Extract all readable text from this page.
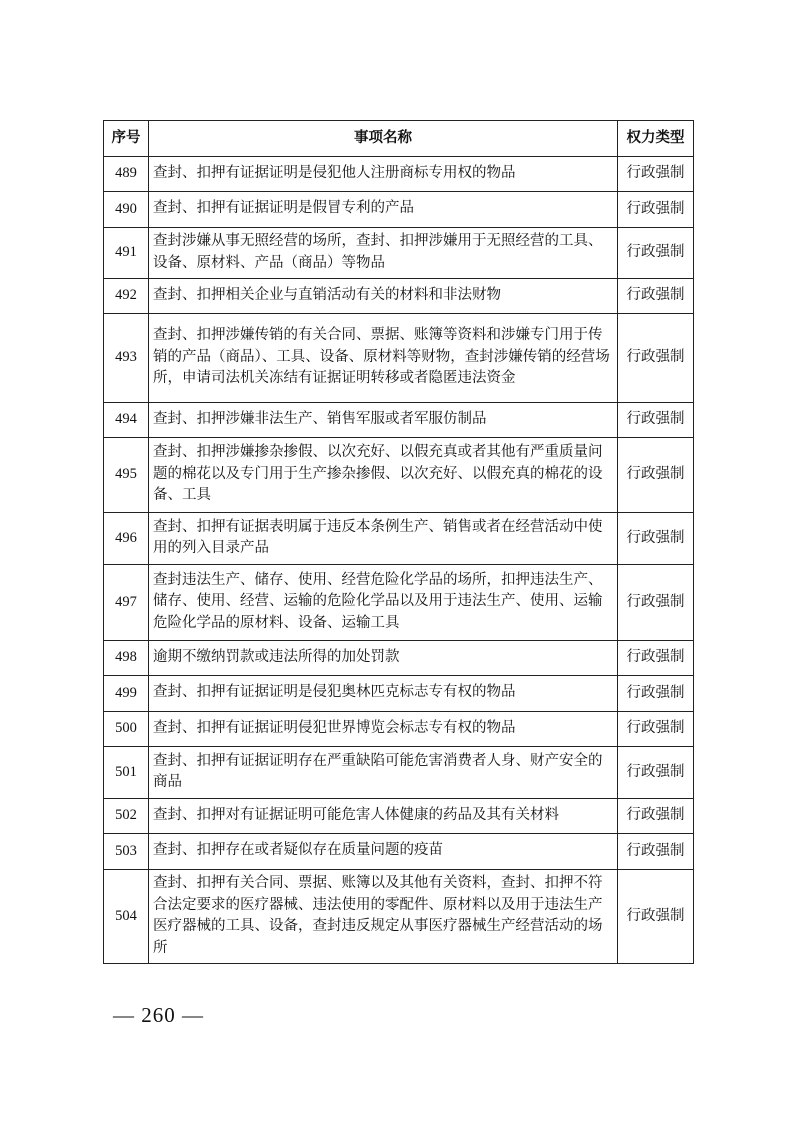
序号	事项名称	权力类型
489	查封、扣押有证据证明是侵犯他人注册商标专用权的物品	行政强制
490	查封、扣押有证据证明是假冒专利的产品	行政强制
491	查封涉嫌从事无照经营的场所，查封、扣押涉嫌用于无照经营的工具、设备、原材料、产品（商品）等物品	行政强制
492	查封、扣押相关企业与直销活动有关的材料和非法财物	行政强制
493	查封、扣押涉嫌传销的有关合同、票据、账簿等资料和涉嫌专门用于传销的产品（商品）、工具、设备、原材料等财物，查封涉嫌传销的经营场所，申请司法机关冻结有证据证明转移或者隐匿违法资金	行政强制
494	查封、扣押涉嫌非法生产、销售军服或者军服仿制品	行政强制
495	查封、扣押涉嫌掺杂掺假、以次充好、以假充真或者其他有严重质量问题的棉花以及专门用于生产掺杂掺假、以次充好、以假充真的棉花的设备、工具	行政强制
496	查封、扣押有证据表明属于违反本条例生产、销售或者在经营活动中使用的列入目录产品	行政强制
497	查封违法生产、储存、使用、经营危险化学品的场所，扣押违法生产、储存、使用、经营、运输的危险化学品以及用于违法生产、使用、运输危险化学品的原材料、设备、运输工具	行政强制
498	逾期不缴纳罚款或违法所得的加处罚款	行政强制
499	查封、扣押有证据证明是侵犯奥林匹克标志专有权的物品	行政强制
500	查封、扣押有证据证明侵犯世界博览会标志专有权的物品	行政强制
501	查封、扣押有证据证明存在严重缺陷可能危害消费者人身、财产安全的商品	行政强制
502	查封、扣押对有证据证明可能危害人体健康的药品及其有关材料	行政强制
503	查封、扣押存在或者疑似存在质量问题的疫苗	行政强制
504	查封、扣押有关合同、票据、账簿以及其他有关资料，查封、扣押不符合法定要求的医疗器械、违法使用的零配件、原材料以及用于违法生产医疗器械的工具、设备，查封违反规定从事医疗器械生产经营活动的场所	行政强制
— 260 —
